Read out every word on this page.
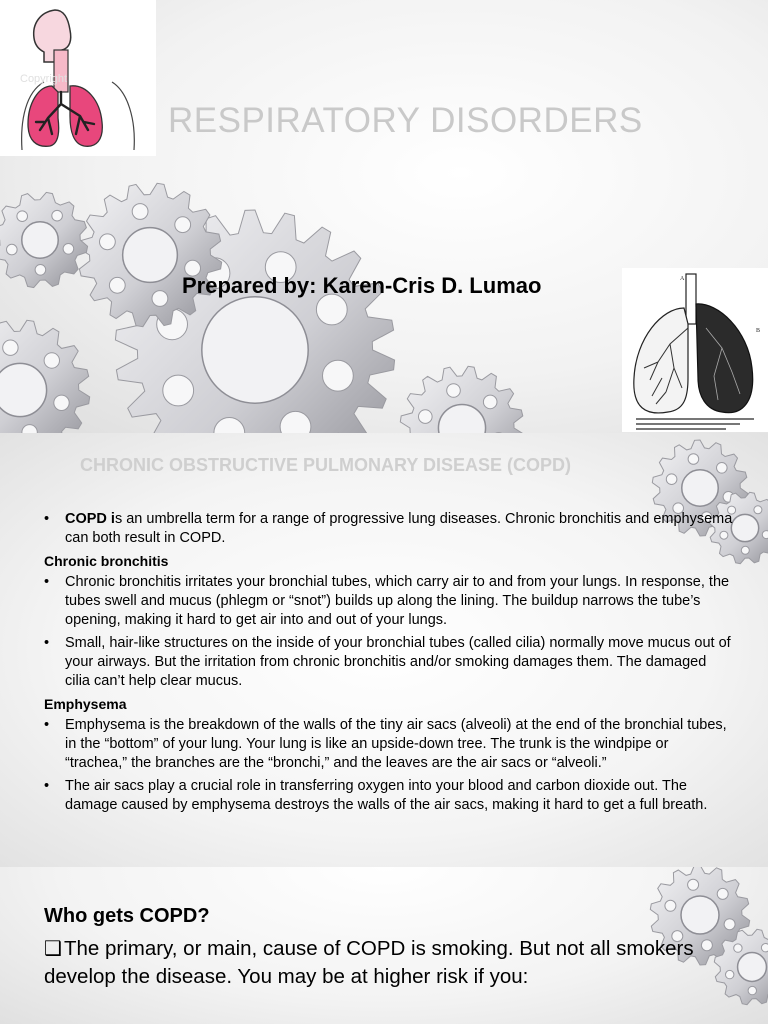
Copyright
RESPIRATORY DISORDERS
Prepared by: Karen-Cris D. Lumao	A
B
CHRONIC OBSTRUCTIVE PULMONARY DISEASE (COPD)
• COPD is an umbrella term for a range of progressive lung diseases. Chronic bronchitis and emphysema can both result in COPD.
Chronic bronchitis
• Chronic bronchitis irritates your bronchial tubes, which carry air to and from your lungs. In response, the tubes swell and mucus (phlegm or “snot”) builds up along the lining. The buildup narrows the tube’s opening, making it hard to get air into and out of your lungs.
• Small, hair-like structures on the inside of your bronchial tubes (called cilia) normally move mucus out of your airways. But the irritation from chronic bronchitis and/or smoking damages them. The damaged cilia can’t help clear mucus.
Emphysema
• Emphysema is the breakdown of the walls of the tiny air sacs (alveoli) at the end of the bronchial tubes, in the “bottom” of your lung. Your lung is like an upside-down tree. The trunk is the windpipe or “trachea,” the branches are the “bronchi,” and the leaves are the air sacs or “alveoli.”
• The air sacs play a crucial role in transferring oxygen into your blood and carbon dioxide out. The damage caused by emphysema destroys the walls of the air sacs, making it hard to get a full breath.
Who gets COPD?
❑The primary, or main, cause of COPD is smoking. But not all smokers develop the disease. You may be at higher risk if you:
